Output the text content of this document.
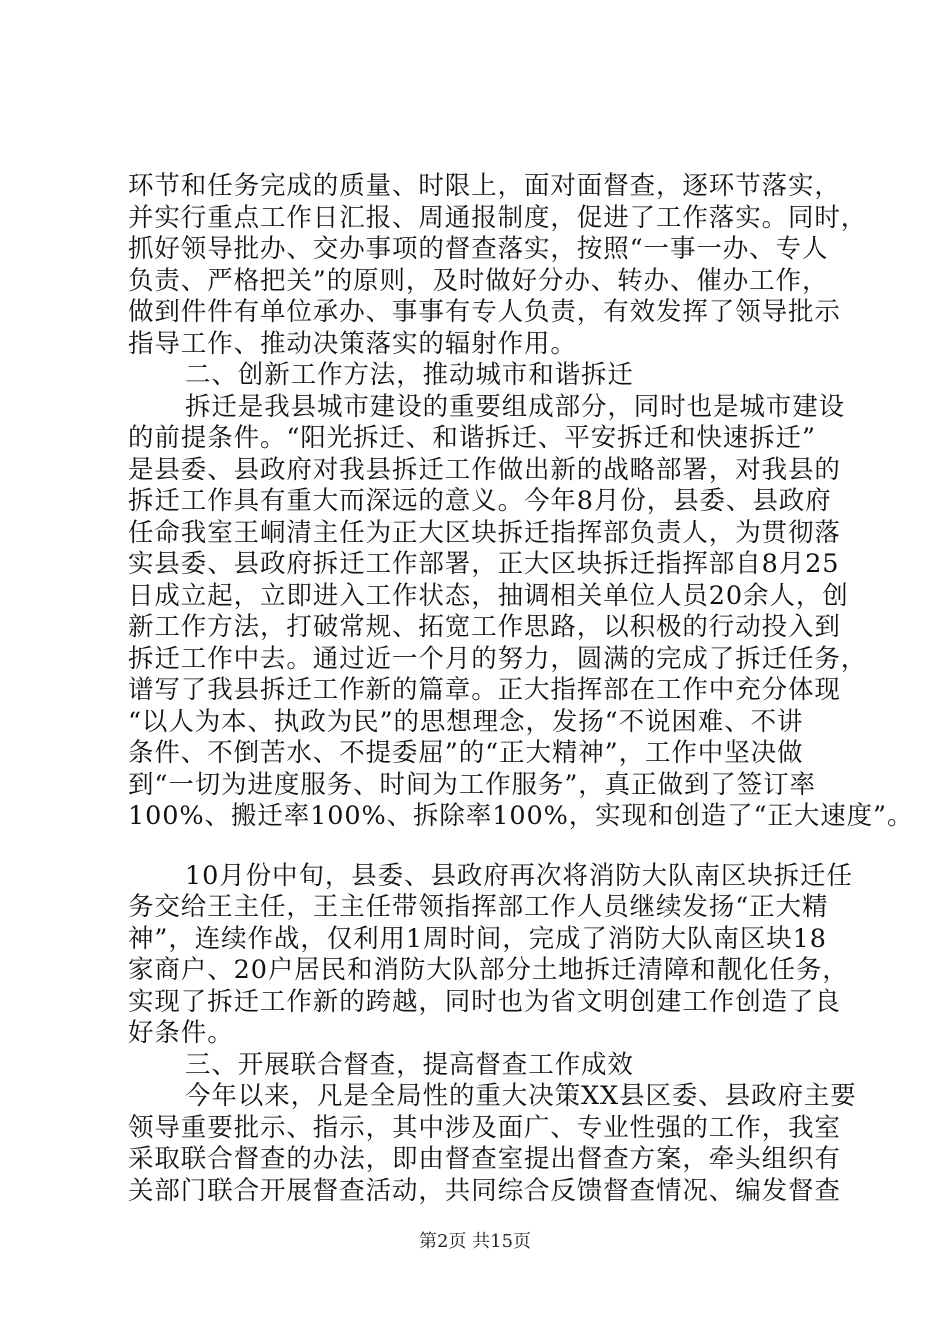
环节和任务完成的质量、时限上，面对面督查，逐环节落实，
并实行重点工作日汇报、周通报制度，促进了工作落实。同时，
抓好领导批办、交办事项的督查落实，按照“一事一办、专人
负责、严格把关”的原则，及时做好分办、转办、催办工作，
做到件件有单位承办、事事有专人负责，有效发挥了领导批示
指导工作、推动决策落实的辐射作用。
二、创新工作方法，推动城市和谐拆迁
拆迁是我县城市建设的重要组成部分，同时也是城市建设
的前提条件。“阳光拆迁、和谐拆迁、平安拆迁和快速拆迁”
是县委、县政府对我县拆迁工作做出新的战略部署，对我县的
拆迁工作具有重大而深远的意义。今年8月份，县委、县政府
任命我室王峒清主任为正大区块拆迁指挥部负责人，为贯彻落
实县委、县政府拆迁工作部署，正大区块拆迁指挥部自8月25
日成立起，立即进入工作状态，抽调相关单位人员20余人，创
新工作方法，打破常规、拓宽工作思路，以积极的行动投入到
拆迁工作中去。通过近一个月的努力，圆满的完成了拆迁任务，
谱写了我县拆迁工作新的篇章。正大指挥部在工作中充分体现
“以人为本、执政为民”的思想理念，发扬“不说困难、不讲
条件、不倒苦水、不提委屈”的“正大精神”，工作中坚决做
到“一切为进度服务、时间为工作服务”，真正做到了签订率
100%、搬迁率100%、拆除率100%，实现和创造了“正大速度”。
10月份中旬，县委、县政府再次将消防大队南区块拆迁任
务交给王主任，王主任带领指挥部工作人员继续发扬“正大精
神”，连续作战，仅利用1周时间，完成了消防大队南区块18
家商户、20户居民和消防大队部分土地拆迁清障和靓化任务，
实现了拆迁工作新的跨越，同时也为省文明创建工作创造了良
好条件。
三、开展联合督查，提高督查工作成效
今年以来，凡是全局性的重大决策XX县区委、县政府主要
领导重要批示、指示，其中涉及面广、专业性强的工作，我室
采取联合督查的办法，即由督查室提出督查方案，牵头组织有
关部门联合开展督查活动，共同综合反馈督查情况、编发督查
第2页 共15页
